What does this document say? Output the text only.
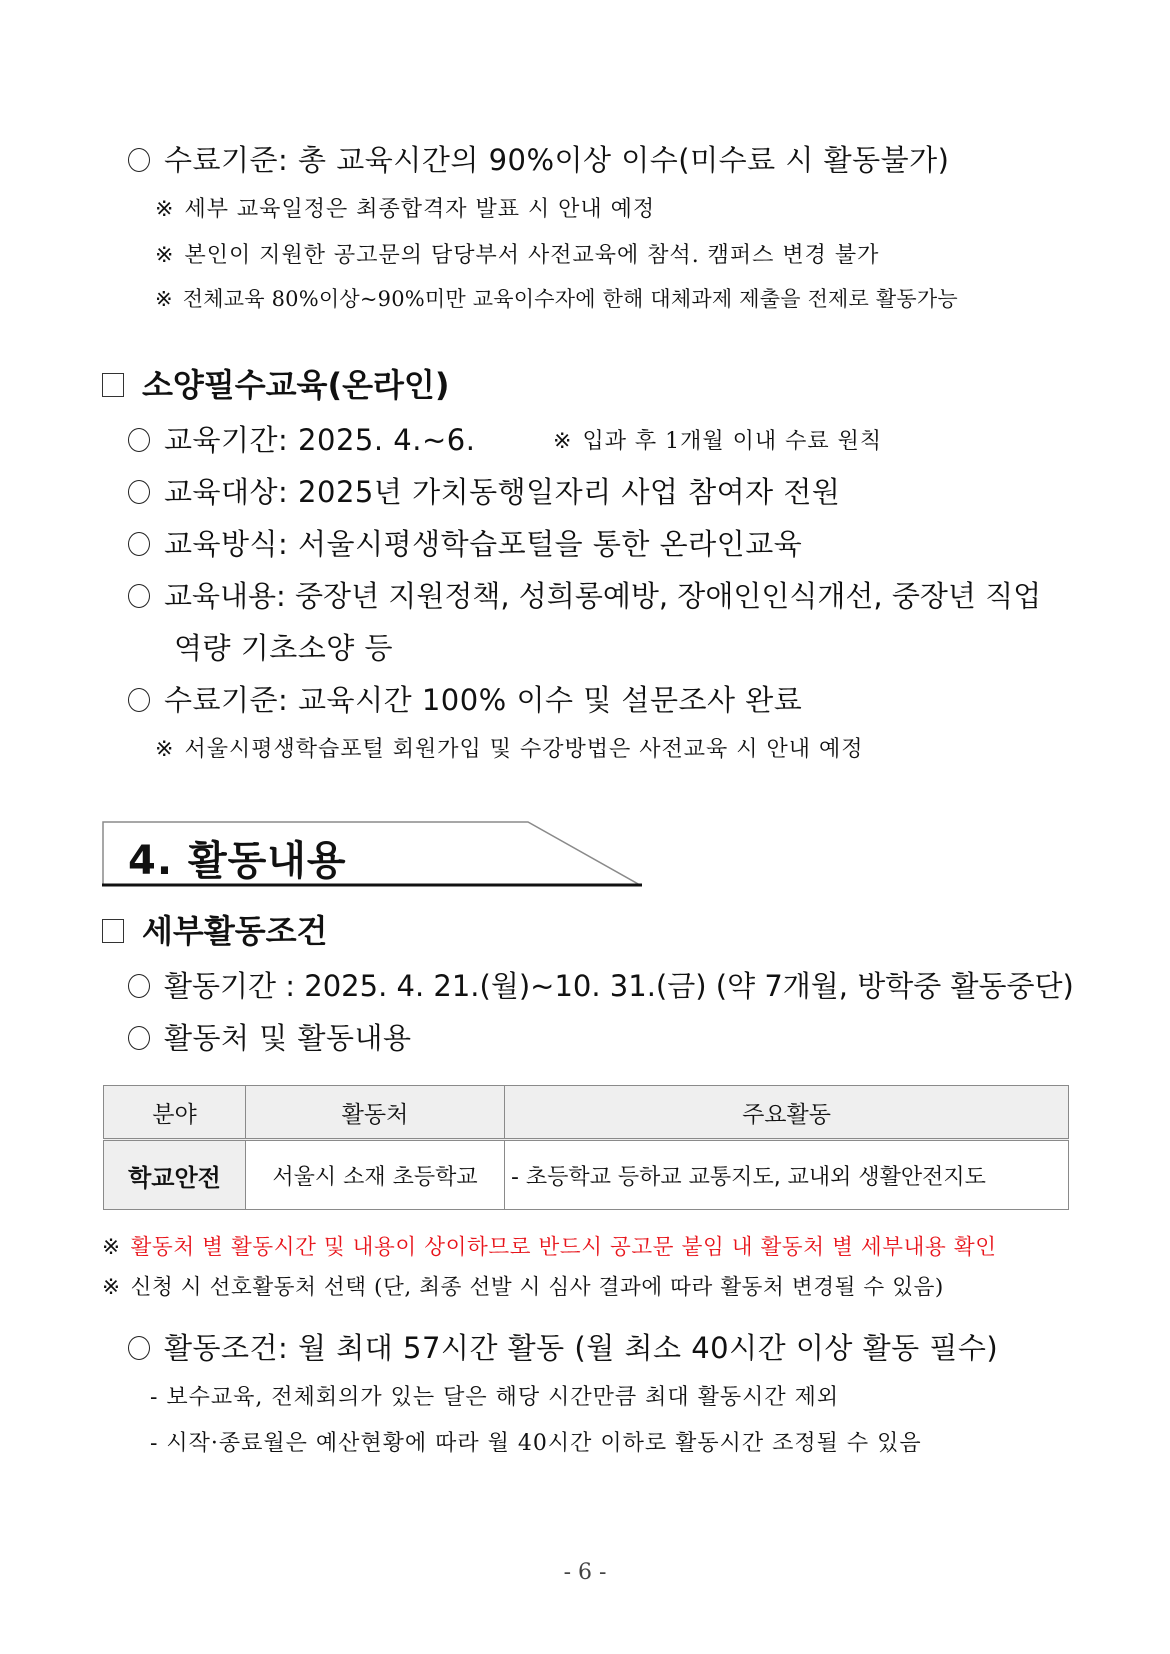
수료기준: 총 교육시간의 90%이상 이수(미수료 시 활동불가)
※ 세부 교육일정은 최종합격자 발표 시 안내 예정
※ 본인이 지원한 공고문의 담당부서 사전교육에 참석. 캠퍼스 변경 불가
※ 전체교육 80%이상~90%미만 교육이수자에 한해 대체과제 제출을 전제로 활동가능
소양필수교육(온라인)
교육기간: 2025. 4.~6.	※ 입과 후 1개월 이내 수료 원칙
교육대상: 2025년 가치동행일자리 사업 참여자 전원
교육방식: 서울시평생학습포털을 통한 온라인교육
교육내용: 중장년 지원정책, 성희롱예방, 장애인인식개선, 중장년 직업
역량 기초소양 등
수료기준: 교육시간 100% 이수 및 설문조사 완료
※ 서울시평생학습포털 회원가입 및 수강방법은 사전교육 시 안내 예정
4. 활동내용
세부활동조건
활동기간 : 2025. 4. 21.(월)~10. 31.(금) (약 7개월, 방학중 활동중단)
활동처 및 활동내용
분야	활동처	주요활동
학교안전	서울시 소재 초등학교	- 초등학교 등하교 교통지도, 교내외 생활안전지도
※ 활동처 별 활동시간 및 내용이 상이하므로 반드시 공고문 붙임 내 활동처 별 세부내용 확인
※ 신청 시 선호활동처 선택 (단, 최종 선발 시 심사 결과에 따라 활동처 변경될 수 있음)
활동조건: 월 최대 57시간 활동 (월 최소 40시간 이상 활동 필수)
- 보수교육, 전체회의가 있는 달은 해당 시간만큼 최대 활동시간 제외
- 시작·종료월은 예산현황에 따라 월 40시간 이하로 활동시간 조정될 수 있음
- 6 -
